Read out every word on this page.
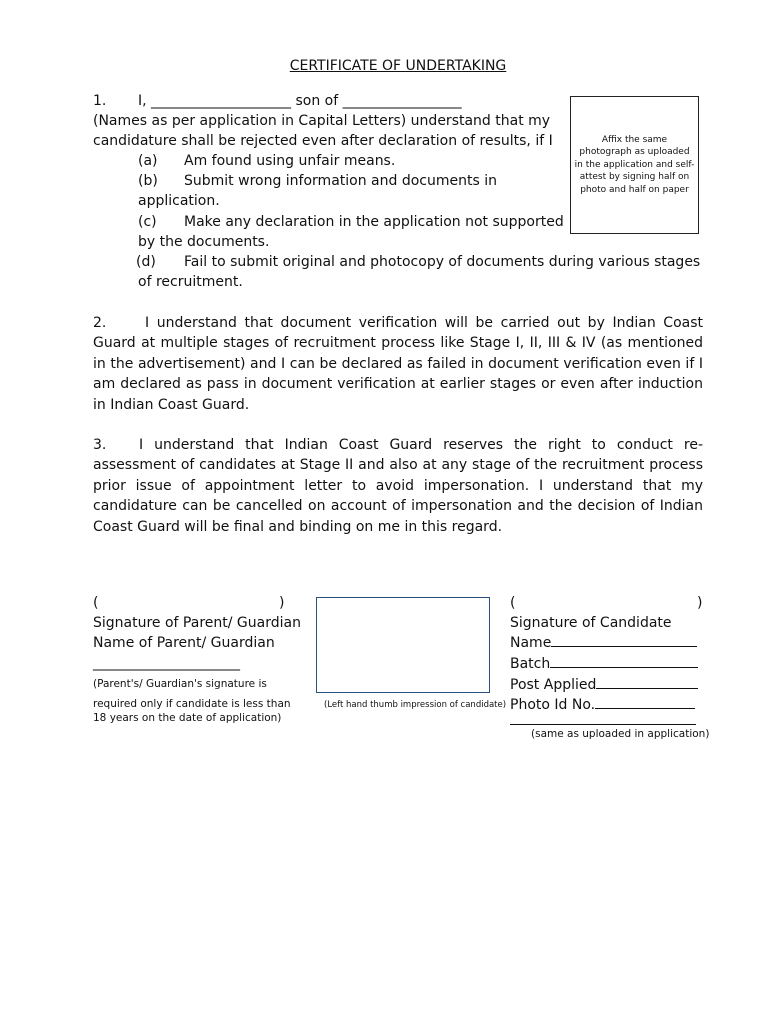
CERTIFICATE OF UNDERTAKING
1. I, ____________________ son of _________________
(Names as per application in Capital Letters) understand that my
candidature shall be rejected even after declaration of results, if I
(a) Am found using unfair means.
(b) Submit wrong information and documents in
application.
(c) Make any declaration in the application not supported
by the documents.
(d) Fail to submit original and photocopy of documents during various stages
of recruitment.
Affix the same photograph as uploaded in the application and self-attest by signing half on photo and half on paper
2.	I understand that document verification will be carried out by Indian Coast Guard at multiple stages of recruitment process like Stage I, II, III & IV (as mentioned in the advertisement) and I can be declared as failed in document verification even if I am declared as pass in document verification at earlier stages or even after induction in Indian Coast Guard.
3. I understand that Indian Coast Guard reserves the right to conduct re-assessment of candidates at Stage II and also at any stage of the recruitment process prior issue of appointment letter to avoid impersonation. I understand that my candidature can be cancelled on account of impersonation and the decision of Indian Coast Guard will be final and binding on me in this regard.
(	)
Signature of Parent/ Guardian
Name of Parent/ Guardian
_____________________
(Parent's/ Guardian's signature is
required only if candidate is less than
18 years on the date of application)
(Left hand thumb impression of candidate)
(	)
Signature of Candidate
Name
Batch
Post Applied
Photo Id No.
(same as uploaded in application)
